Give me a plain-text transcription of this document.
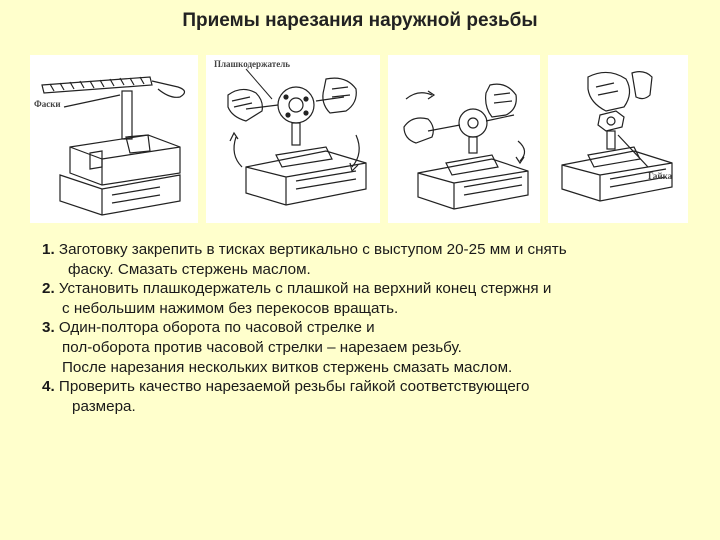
Приемы нарезания наружной резьбы
Фаски
Плашкодержатель
Гайка

1. Заготовку закрепить в тисках вертикально с выступом 20-25 мм и снять

фаску. Смазать стержень маслом.

2. Установить плашкодержатель с плашкой на верхний конец стержня и

с небольшим нажимом без перекосов вращать.

3. Один-полтора оборота по часовой стрелке и

пол-оборота против часовой стрелки – нарезаем резьбу.

После нарезания нескольких витков стержень смазать маслом.

4. Проверить качество нарезаемой резьбы гайкой соответствующего

размера.
